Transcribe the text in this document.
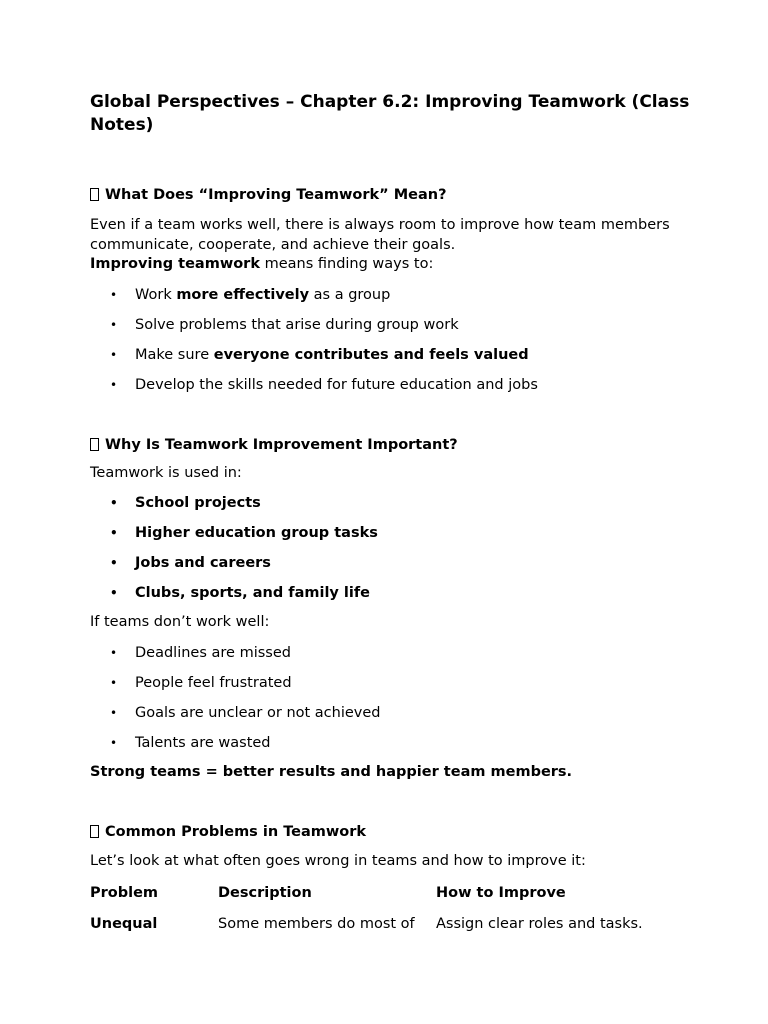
Global Perspectives – Chapter 6.2: Improving Teamwork (Class Notes)
What Does “Improving Teamwork” Mean?

Even if a team works well, there is always room to improve how team members communicate, cooperate, and achieve their goals.

Improving teamwork means finding ways to:

• Work more effectively as a group
• Solve problems that arise during group work
• Make sure everyone contributes and feels valued
• Develop the skills needed for future education and jobs
Why Is Teamwork Improvement Important?

Teamwork is used in:

• School projects
• Higher education group tasks
• Jobs and careers
• Clubs, sports, and family life

If teams don’t work well:

• Deadlines are missed
• People feel frustrated
• Goals are unclear or not achieved
• Talents are wasted

Strong teams = better results and happier team members.

Common Problems in Teamwork

Let’s look at what often goes wrong in teams and how to improve it:

Problem	Description	How to Improve
Unequal	Some members do most of	Assign clear roles and tasks.
